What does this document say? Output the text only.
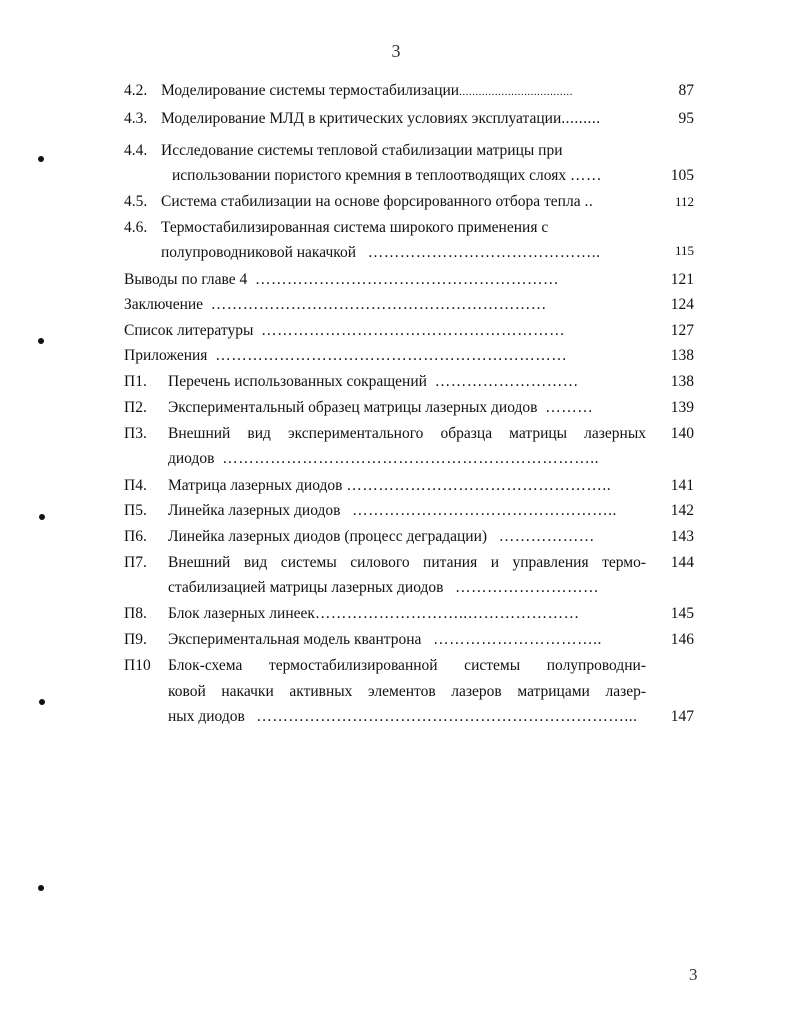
3
4.2. Моделирование системы термостабилизации...................................	87
4.3. Моделирование МЛД в критических условиях эксплуатации.........	95
4.4. Исследование системы тепловой стабилизации матрицы при
использовании пористого кремния в теплоотводящих слоях ……	105
4.5. Система стабилизации на основе форсированного отбора тепла ..	112
4.6. Термостабилизированная система широкого применения с
полупроводниковой накачкой ……………………………………..	115
Выводы по главе 4 …………………………………………………	121
Заключение ………………………………………………………	124
Список литературы …………………………………………………	127
Приложения …………………………………………………………	138
П1. Перечень использованных сокращений ………………………	138
П2. Экспериментальный образец матрицы лазерных диодов ………	139
П3. Внешний вид экспериментального образца матрицы лазерных	140
диодов ……………………………………………………………..
П4. Матрица лазерных диодов …………………………………………..	141
П5. Линейка лазерных диодов …………………………………………..	142
П6. Линейка лазерных диодов (процесс деградации) ………………	143
П7. Внешний вид системы силового питания и управления термо-	144
стабилизацией матрицы лазерных диодов ………………………
П8. Блок лазерных линеек………………………..…………………	145
П9. Экспериментальная модель квантрона …………………………..	146
П10 Блок-схема термостабилизированной системы полупроводни-
ковой накачки активных элементов лазеров матрицами лазер-
ных диодов ……………………………………………………………...	147
3
